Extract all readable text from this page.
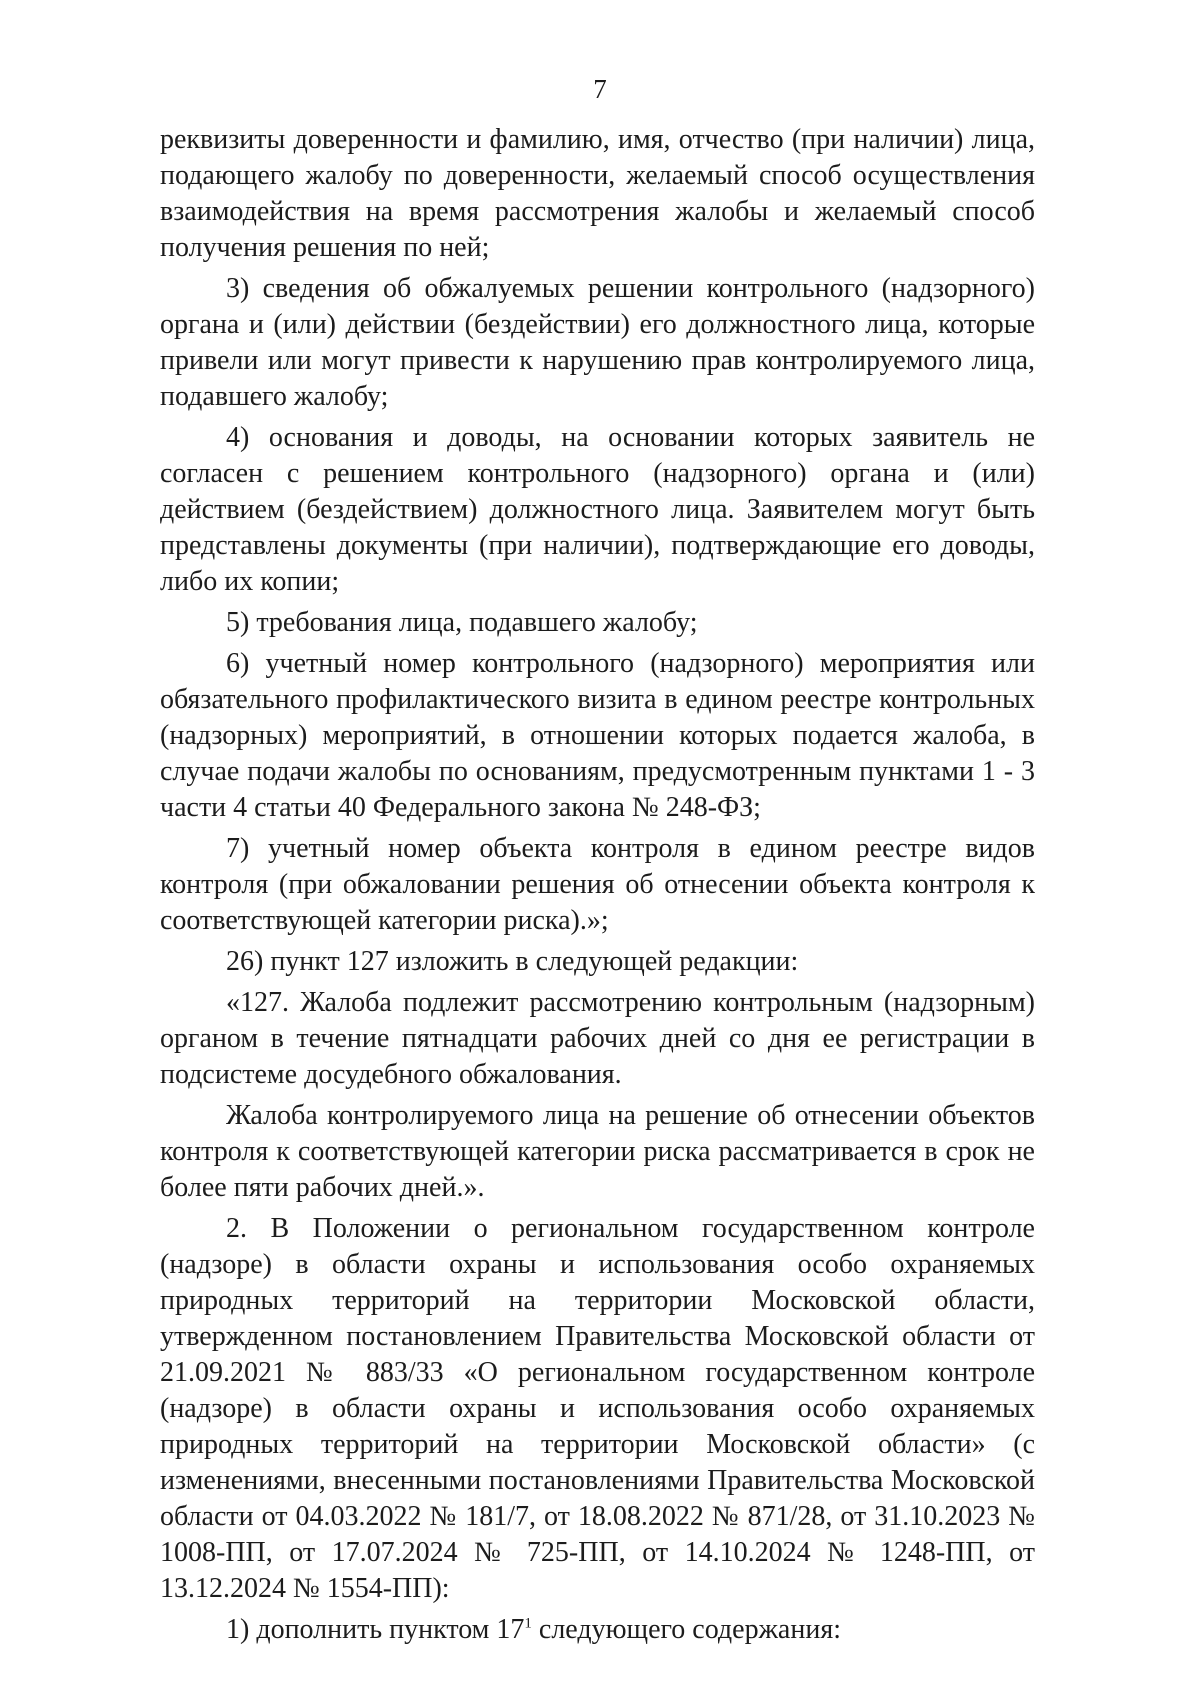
7

реквизиты доверенности и фамилию, имя, отчество (при наличии) лица, подающего жалобу по доверенности, желаемый способ осуществления взаимодействия на время рассмотрения жалобы и желаемый способ получения решения по ней;

3) сведения об обжалуемых решении контрольного (надзорного) органа и (или) действии (бездействии) его должностного лица, которые привели или могут привести к нарушению прав контролируемого лица, подавшего жалобу;

4) основания и доводы, на основании которых заявитель не согласен с решением контрольного (надзорного) органа и (или) действием (бездействием) должностного лица. Заявителем могут быть представлены документы (при наличии), подтверждающие его доводы, либо их копии;

5) требования лица, подавшего жалобу;

6) учетный номер контрольного (надзорного) мероприятия или обязательного профилактического визита в едином реестре контрольных (надзорных) мероприятий, в отношении которых подается жалоба, в случае подачи жалобы по основаниям, предусмотренным пунктами 1 - 3 части 4 статьи 40 Федерального закона № 248-ФЗ;

7) учетный номер объекта контроля в едином реестре видов контроля (при обжаловании решения об отнесении объекта контроля к соответствующей категории риска).»;

26) пункт 127 изложить в следующей редакции:

«127. Жалоба подлежит рассмотрению контрольным (надзорным) органом в течение пятнадцати рабочих дней со дня ее регистрации в подсистеме досудебного обжалования.

Жалоба контролируемого лица на решение об отнесении объектов контроля к соответствующей категории риска рассматривается в срок не более пяти рабочих дней.».

2. В Положении о региональном государственном контроле (надзоре) в области охраны и использования особо охраняемых природных территорий на территории Московской области, утвержденном постановлением Правительства Московской области от 21.09.2021 № 883/33 «О региональном государственном контроле (надзоре) в области охраны и использования особо охраняемых природных территорий на территории Московской области» (с изменениями, внесенными постановлениями Правительства Московской области от 04.03.2022 № 181/7, от 18.08.2022 № 871/28, от 31.10.2023 № 1008-ПП, от 17.07.2024 № 725-ПП, от 14.10.2024 № 1248-ПП, от 13.12.2024 № 1554-ПП):

1) дополнить пунктом $17^1$ следующего содержания:
